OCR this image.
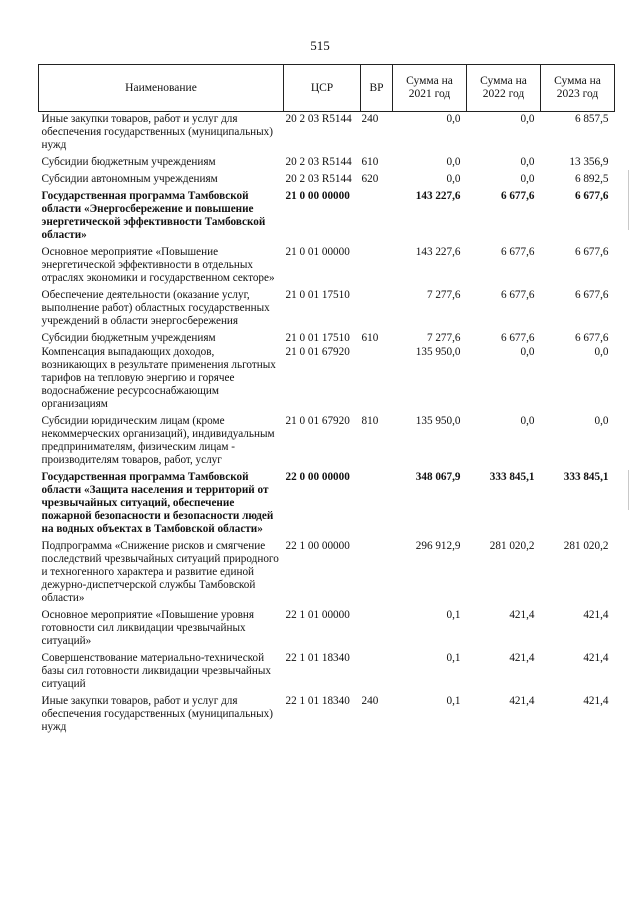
515
Наименование	ЦСР	ВР	Сумма на 2021 год	Сумма на 2022 год	Сумма на 2023 год
Иные закупки товаров, работ и услуг для обеспечения государственных (муниципальных) нужд	20 2 03 R5144	240	0,0	0,0	6 857,5
Субсидии бюджетным учреждениям	20 2 03 R5144	610	0,0	0,0	13 356,9
Субсидии автономным учреждениям	20 2 03 R5144	620	0,0	0,0	6 892,5
Государственная программа Тамбовской области «Энергосбережение и повышение энергетической эффективности Тамбовской области»	21 0 00 00000		143 227,6	6 677,6	6 677,6
Основное мероприятие «Повышение энергетической эффективности в отдельных отраслях экономики и государственном секторе»	21 0 01 00000		143 227,6	6 677,6	6 677,6
Обеспечение деятельности (оказание услуг, выполнение работ) областных государственных учреждений в области энергосбережения	21 0 01 17510		7 277,6	6 677,6	6 677,6
Субсидии бюджетным учреждениям	21 0 01 17510	610	7 277,6	6 677,6	6 677,6
Компенсация выпадающих доходов, возникающих в результате применения льготных тарифов на тепловую энергию и горячее водоснабжение ресурсоснабжающим организациям	21 0 01 67920		135 950,0	0,0	0,0
Субсидии юридическим лицам (кроме некоммерческих организаций), индивидуальным предпринимателям, физическим лицам - производителям товаров, работ, услуг	21 0 01 67920	810	135 950,0	0,0	0,0
Государственная программа Тамбовской области «Защита населения и территорий от чрезвычайных ситуаций, обеспечение пожарной безопасности и безопасности людей на водных объектах в Тамбовской области»	22 0 00 00000		348 067,9	333 845,1	333 845,1
Подпрограмма «Снижение рисков и смягчение последствий чрезвычайных ситуаций природного и техногенного характера и развитие единой дежурно-диспетчерской службы Тамбовской области»	22 1 00 00000		296 912,9	281 020,2	281 020,2
Основное мероприятие «Повышение уровня готовности сил ликвидации чрезвычайных ситуаций»	22 1 01 00000		0,1	421,4	421,4
Совершенствование материально-технической базы сил готовности ликвидации чрезвычайных ситуаций	22 1 01 18340		0,1	421,4	421,4
Иные закупки товаров, работ и услуг для обеспечения государственных (муниципальных) нужд	22 1 01 18340	240	0,1	421,4	421,4
